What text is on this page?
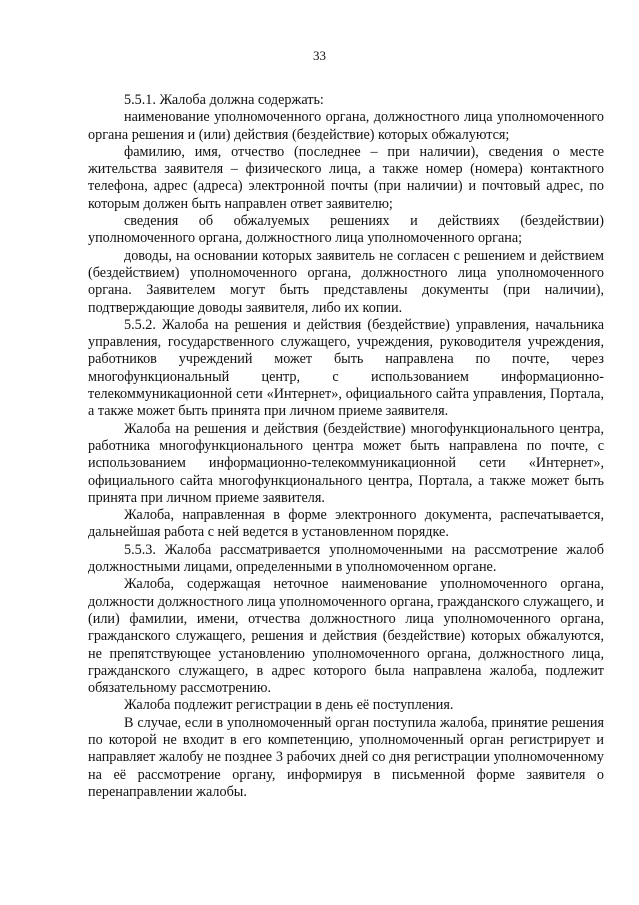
33

5.5.1. Жалоба должна содержать:

наименование уполномоченного органа, должностного лица уполномоченного органа решения и (или) действия (бездействие) которых обжалуются;

фамилию, имя, отчество (последнее – при наличии), сведения о месте жительства заявителя – физического лица, а также номер (номера) контактного телефона, адрес (адреса) электронной почты (при наличии) и почтовый адрес, по которым должен быть направлен ответ заявителю;

сведения об обжалуемых решениях и действиях (бездействии) уполномоченного органа, должностного лица уполномоченного органа;

доводы, на основании которых заявитель не согласен с решением и действием (бездействием) уполномоченного органа, должностного лица уполномоченного органа. Заявителем могут быть представлены документы (при наличии), подтверждающие доводы заявителя, либо их копии.

5.5.2. Жалоба на решения и действия (бездействие) управления, начальника управления, государственного служащего, учреждения, руководителя учреждения, работников учреждений может быть направлена по почте, через многофункциональный центр, с использованием информационно-телекоммуникационной сети «Интернет», официального сайта управления, Портала, а также может быть принята при личном приеме заявителя.

Жалоба на решения и действия (бездействие) многофункционального центра, работника многофункционального центра может быть направлена по почте, с использованием информационно-телекоммуникационной сети «Интернет», официального сайта многофункционального центра, Портала, а также может быть принята при личном приеме заявителя.

Жалоба, направленная в форме электронного документа, распечатывается, дальнейшая работа с ней ведется в установленном порядке.

5.5.3. Жалоба рассматривается уполномоченными на рассмотрение жалоб должностными лицами, определенными в уполномоченном органе.

Жалоба, содержащая неточное наименование уполномоченного органа, должности должностного лица уполномоченного органа, гражданского служащего, и (или) фамилии, имени, отчества должностного лица уполномоченного органа, гражданского служащего, решения и действия (бездействие) которых обжалуются, не препятствующее установлению уполномоченного органа, должностного лица, гражданского служащего, в адрес которого была направлена жалоба, подлежит обязательному рассмотрению.

Жалоба подлежит регистрации в день её поступления.

В случае, если в уполномоченный орган поступила жалоба, принятие решения по которой не входит в его компетенцию, уполномоченный орган регистрирует и направляет жалобу не позднее 3 рабочих дней со дня регистрации уполномоченному на её рассмотрение органу, информируя в письменной форме заявителя о перенаправлении жалобы.
